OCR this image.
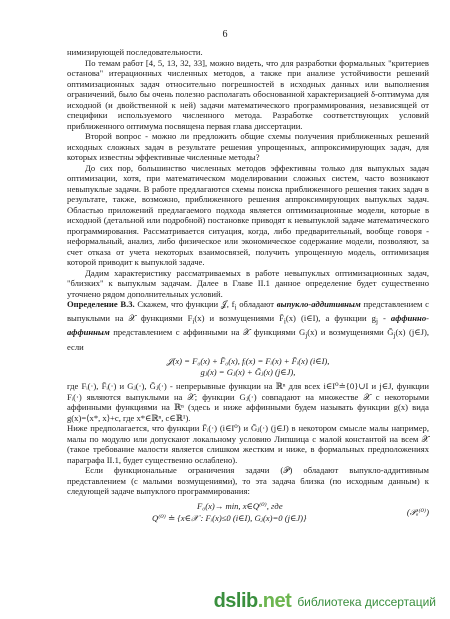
6

нимизирующей последовательности.

По темам работ [4, 5, 13, 32, 33], можно видеть, что для разработки формальных "критериев останова" итерационных численных методов, а также при анализе устойчивости решений оптимизационных задач относительно погрешностей в исходных данных или выполнения ограничений, было бы очень полезно располагать обоснованной характеризацией δ-оптимума для исходной (и двойственной к ней) задачи математического программирования, независящей от специфики используемого численного метода. Разработке соответствующих условий приближенного оптимума посвящена первая глава диссертации.

Второй вопрос - можно ли предложить общие схемы получения приближенных решений исходных сложных задач в результате решения упрощенных, аппроксимирующих задач, для которых известны эффективные численные методы?

До сих пор, большинство численных методов эффективны только для выпуклых задач оптимизации, хотя, при математическом моделировании сложных систем, часто возникают невыпуклые задачи. В работе предлагаются схемы поиска приближенного решения таких задач в результате, также, возможно, приближенного решения аппроксимирующих выпуклых задач. Областью приложений предлагаемого подхода является оптимизационные модели, которые в исходной (детальной или подробной) постановке приводят к невыпуклой задаче математического программирования. Рассматривается ситуация, когда, либо предварительный, вообще говоря - неформальный, анализ, либо физическое или экономическое содержание модели, позволяют, за счет отказа от учета некоторых взаимосвязей, получить упрощенную модель, оптимизация которой приводит к выпуклой задаче.

Дадим характеристику рассматриваемых в работе невыпуклых оптимизационных задач, "близких" к выпуклым задачам. Далее в Главе II.1 данное определение будет существенно уточнено рядом дополнительных условий.

Определение В.3. Скажем, что функции 𝒥, $f_i$ обладают выпукло-аддитивным представлением с выпуклыми на 𝒳 функциями $F_i(x)$ и возмущениями $F̄_i(x)$ (i∈I), а функции $g_j$ - аффинно-аффинным представлением с аффинными на 𝒳 функциями $G_j(x)$ и возмущениями Ḡ$_j$(x) (j∈J), если

𝒥(x) = F₀(x) + F̄₀(x), fᵢ(x) = Fᵢ(x) + F̄ᵢ(x) (i∈I),
gⱼ(x) = Gⱼ(x) + Ḡⱼ(x) (j∈J),

где Fᵢ(·), F̄ᵢ(·) и Gⱼ(·), Ḡⱼ(·) - непрерывные функции на ℝⁿ для всех i∈I⁰≐{0}∪I и j∈J, функции Fᵢ(·) являются выпуклыми на 𝒳; функции Gⱼ(·) совпадают на множестве 𝒳 с некоторыми аффинными функциями на ℝⁿ (здесь и ниже аффинными будем называть функции g(x) вида g(x)=⟨x*, x⟩+c, где x*∈ℝⁿ, c∈ℝ¹).

Ниже предполагается, что функции F̄ᵢ(·) (i∈I⁰) и Ḡⱼ(·) (j∈J) в некотором смысле малы например, малы по модулю или допускают локальному условию Липшица с малой константой на всем 𝒳 (такое требование малости является слишком жестким и ниже, в формальных предположениях параграфа II.1, будет существенно ослаблено).

Если функциональные ограничения задачи (𝒫) обладают выпукло-аддитивным представлением (с малыми возмущениями), то эта задача близка (по исходным данным) к следующей задаче выпуклого программирования:

F₀(x)→ min, x∈Q⁽⁰⁾, где
Q⁽⁰⁾ ≐ {x∈𝒳 : Fᵢ(x)≤0 (i∈I), Gⱼ(x)=0 (j∈J)}
(𝒫ₐ⁽⁰⁾)
dslib.net библиотека диссертаций
